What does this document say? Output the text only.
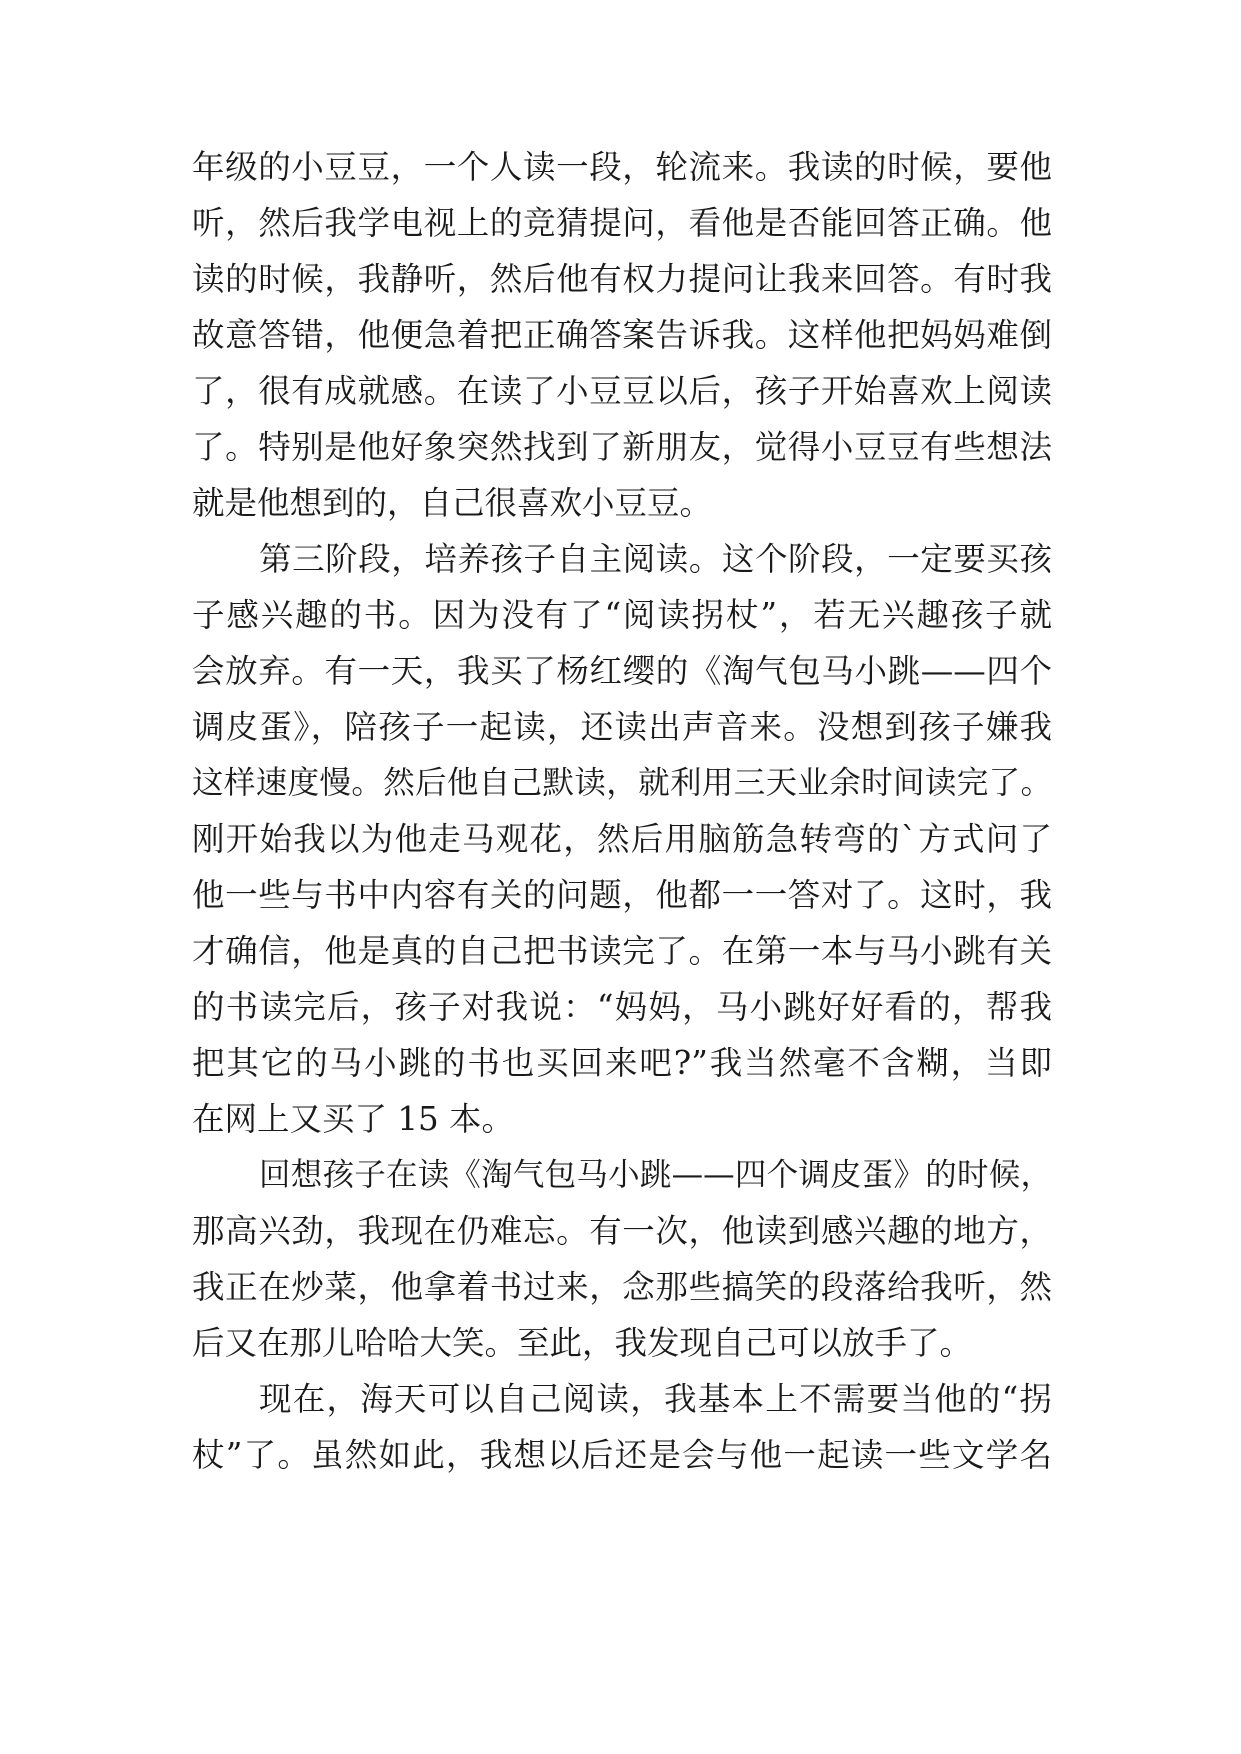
年级的小豆豆，一个人读一段，轮流来。我读的时候，要他
听，然后我学电视上的竞猜提问，看他是否能回答正确。他
读的时候，我静听，然后他有权力提问让我来回答。有时我
故意答错，他便急着把正确答案告诉我。这样他把妈妈难倒
了，很有成就感。在读了小豆豆以后，孩子开始喜欢上阅读
了。特别是他好象突然找到了新朋友，觉得小豆豆有些想法
就是他想到的，自己很喜欢小豆豆。
第三阶段，培养孩子自主阅读。这个阶段，一定要买孩
子感兴趣的书。因为没有了“阅读拐杖”，若无兴趣孩子就
会放弃。有一天，我买了杨红缨的《淘气包马小跳——四个
调皮蛋》，陪孩子一起读，还读出声音来。没想到孩子嫌我
这样速度慢。然后他自己默读，就利用三天业余时间读完了。
刚开始我以为他走马观花，然后用脑筋急转弯的`方式问了
他一些与书中内容有关的问题，他都一一答对了。这时，我
才确信，他是真的自己把书读完了。在第一本与马小跳有关
的书读完后，孩子对我说：“妈妈，马小跳好好看的，帮我
把其它的马小跳的书也买回来吧?”我当然毫不含糊，当即
在网上又买了 15 本。
回想孩子在读《淘气包马小跳——四个调皮蛋》的时候，
那高兴劲，我现在仍难忘。有一次，他读到感兴趣的地方，
我正在炒菜，他拿着书过来，念那些搞笑的段落给我听，然
后又在那儿哈哈大笑。至此，我发现自己可以放手了。
现在，海天可以自己阅读，我基本上不需要当他的“拐
杖”了。虽然如此，我想以后还是会与他一起读一些文学名
